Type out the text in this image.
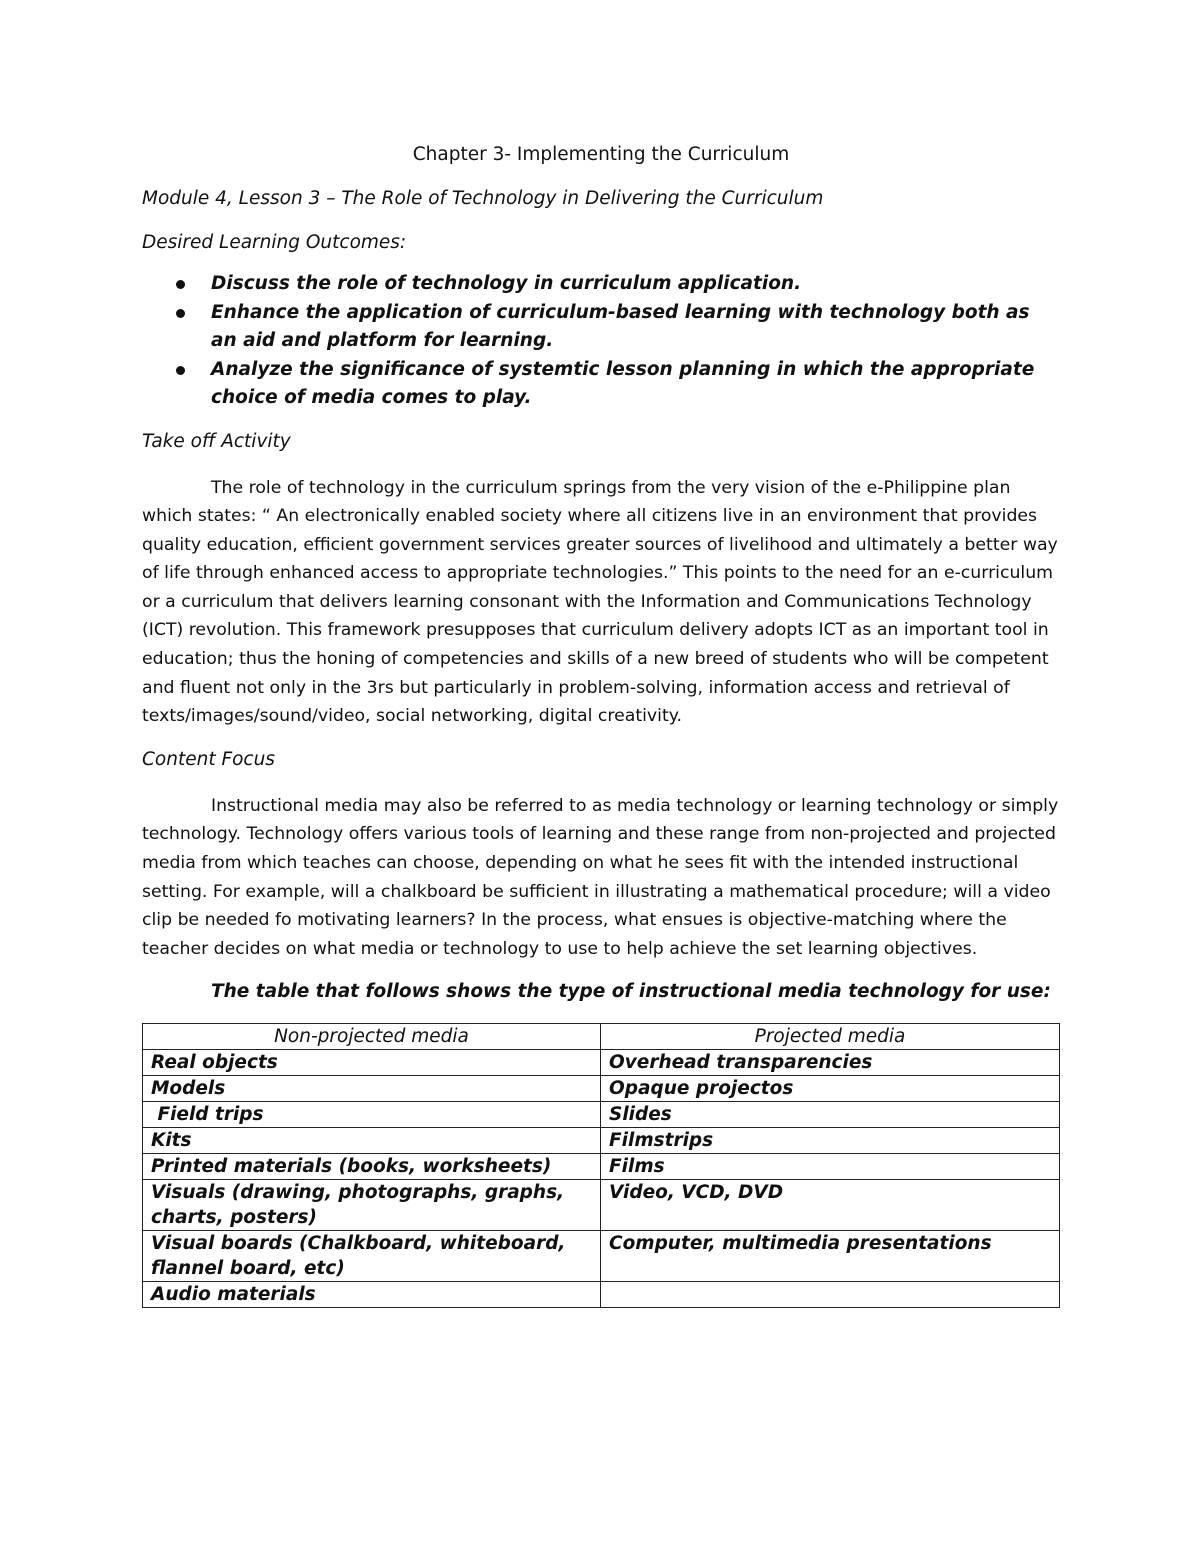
Chapter 3- Implementing the Curriculum

Module 4, Lesson 3 – The Role of Technology in Delivering the Curriculum

Desired Learning Outcomes:

Discuss the role of technology in curriculum application.
Enhance the application of curriculum-based learning with technology both as an aid and platform for learning.
Analyze the significance of systemtic lesson planning in which the appropriate choice of media comes to play.

Take off Activity

The role of technology in the curriculum springs from the very vision of the e-Philippine plan which states: “ An electronically enabled society where all citizens live in an environment that provides quality education, efficient government services greater sources of livelihood and ultimately a better way of life through enhanced access to appropriate technologies.” This points to the need for an e-curriculum or a curriculum that delivers learning consonant with the Information and Communications Technology (ICT) revolution. This framework presupposes that curriculum delivery adopts ICT as an important tool in education; thus the honing of competencies and skills of a new breed of students who will be competent and fluent not only in the 3rs but particularly in problem-solving, information access and retrieval of texts/images/sound/video, social networking, digital creativity.

Content Focus

Instructional media may also be referred to as media technology or learning technology or simply technology. Technology offers various tools of learning and these range from non-projected and projected media from which teaches can choose, depending on what he sees fit with the intended instructional setting. For example, will a chalkboard be sufficient in illustrating a mathematical procedure; will a video clip be needed fo motivating learners? In the process, what ensues is objective-matching where the teacher decides on what media or technology to use to help achieve the set learning objectives.

The table that follows shows the type of instructional media technology for use:

Non-projected media	Projected media
Real objects	Overhead transparencies
Models	Opaque projectos
Field trips	Slides
Kits	Filmstrips
Printed materials (books, worksheets)	Films
Visuals (drawing, photographs, graphs, charts, posters)	Video, VCD, DVD
Visual boards (Chalkboard, whiteboard, flannel board, etc)	Computer, multimedia presentations
Audio materials	
